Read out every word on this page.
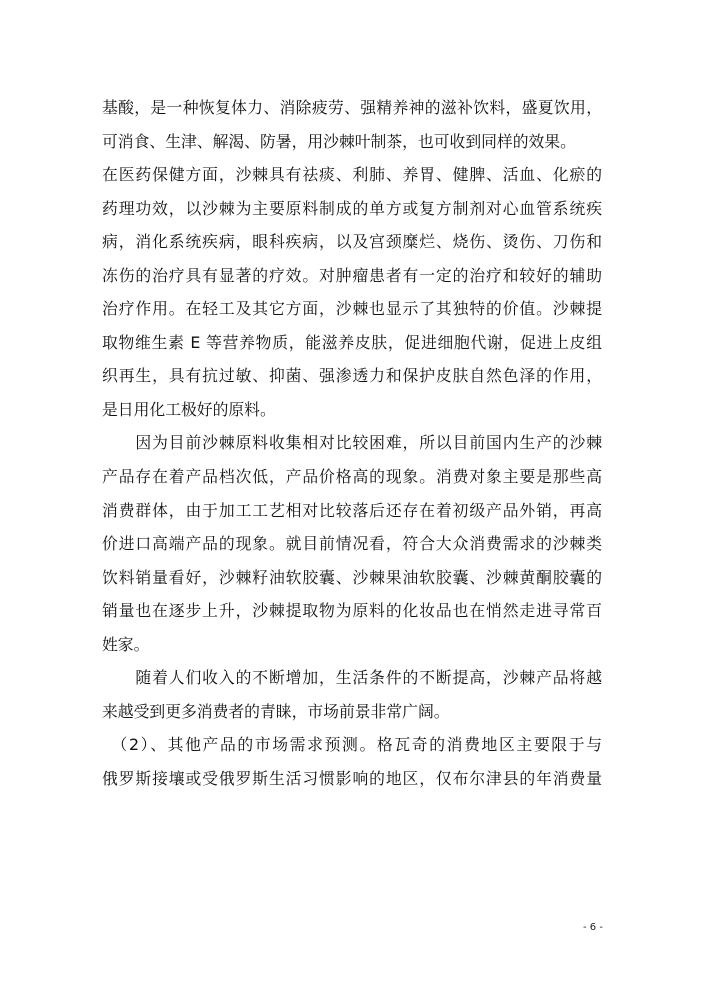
基酸，是一种恢复体力、消除疲劳、强精养神的滋补饮料，盛夏饮用，
可消食、生津、解渴、防暑，用沙棘叶制茶，也可收到同样的效果。
在医药保健方面，沙棘具有祛痰、利肺、养胃、健脾、活血、化瘀的
药理功效，以沙棘为主要原料制成的单方或复方制剂对心血管系统疾
病，消化系统疾病，眼科疾病，以及宫颈糜烂、烧伤、烫伤、刀伤和
冻伤的治疗具有显著的疗效。对肿瘤患者有一定的治疗和较好的辅助
治疗作用。在轻工及其它方面，沙棘也显示了其独特的价值。沙棘提
取物维生素 E 等营养物质，能滋养皮肤，促进细胞代谢，促进上皮组
织再生，具有抗过敏、抑菌、强渗透力和保护皮肤自然色泽的作用，
是日用化工极好的原料。
　　因为目前沙棘原料收集相对比较困难，所以目前国内生产的沙棘
产品存在着产品档次低，产品价格高的现象。消费对象主要是那些高
消费群体，由于加工工艺相对比较落后还存在着初级产品外销，再高
价进口高端产品的现象。就目前情况看，符合大众消费需求的沙棘类
饮料销量看好，沙棘籽油软胶囊、沙棘果油软胶囊、沙棘黄酮胶囊的
销量也在逐步上升，沙棘提取物为原料的化妆品也在悄然走进寻常百
姓家。
　　随着人们收入的不断增加，生活条件的不断提高，沙棘产品将越
来越受到更多消费者的青睐，市场前景非常广阔。
　（2）、其他产品的市场需求预测。格瓦奇的消费地区主要限于与
俄罗斯接壤或受俄罗斯生活习惯影响的地区，仅布尔津县的年消费量
- 6 -
